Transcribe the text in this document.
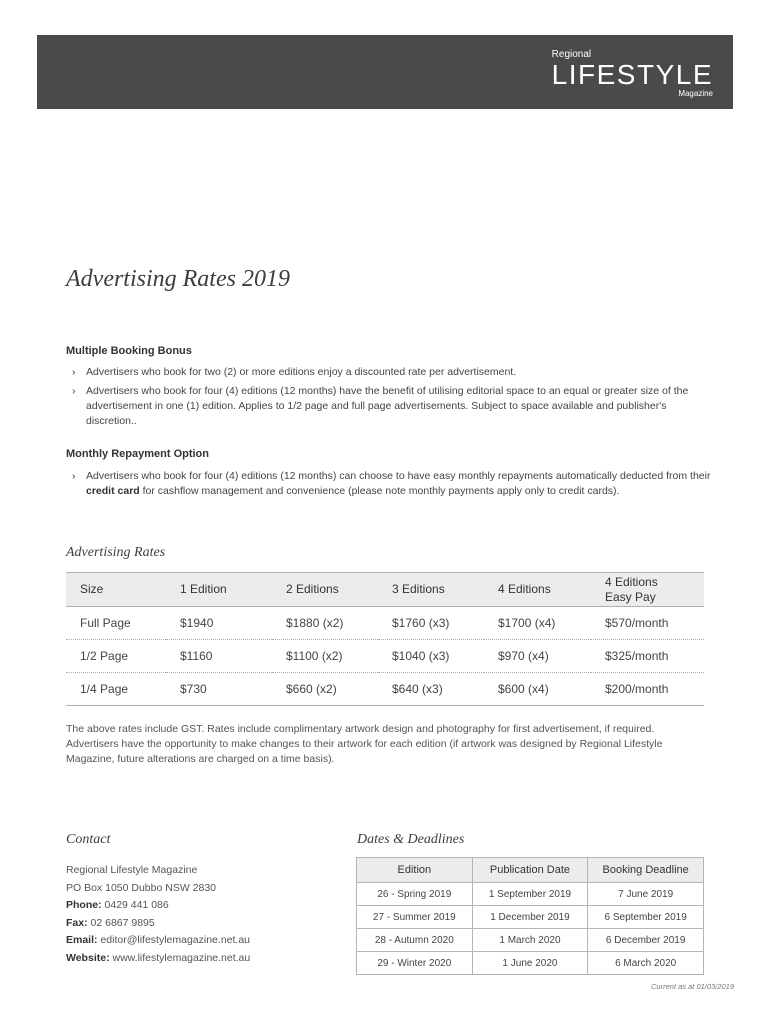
Regional
LIFESTYLE
Magazine
Advertising Rates 2019
Multiple Booking Bonus
› Advertisers who book for two (2) or more editions enjoy a discounted rate per advertisement.
› Advertisers who book for four (4) editions (12 months) have the benefit of utilising editorial space to an equal or greater size of the advertisement in one (1) edition. Applies to 1/2 page and full page advertisements. Subject to space available and publisher's discretion..
Monthly Repayment Option
› Advertisers who book for four (4) editions (12 months) can choose to have easy monthly repayments automatically deducted from their credit card for cashflow management and convenience (please note monthly payments apply only to credit cards).
Advertising Rates
Size	1 Edition	2 Editions	3 Editions	4 Editions	4 Editions
Easy Pay
Full Page	$1940	$1880 (x2)	$1760 (x3)	$1700 (x4)	$570/month
1/2 Page	$1160	$1100 (x2)	$1040 (x3)	$970 (x4)	$325/month
1/4 Page	$730	$660 (x2)	$640 (x3)	$600 (x4)	$200/month
The above rates include GST. Rates include complimentary artwork design and photography for first advertisement, if required. Advertisers have the opportunity to make changes to their artwork for each edition (if artwork was designed by Regional Lifestyle Magazine, future alterations are charged on a time basis).
Contact
Regional Lifestyle Magazine
PO Box 1050 Dubbo NSW 2830
Phone: 0429 441 086
Fax: 02 6867 9895
Email: editor@lifestylemagazine.net.au
Website: www.lifestylemagazine.net.au
Dates & Deadlines
Edition	Publication Date	Booking Deadline
26 - Spring 2019	1 September 2019	7 June 2019
27 - Summer 2019	1 December 2019	6 September 2019
28 - Autumn 2020	1 March 2020	6 December 2019
29 - Winter 2020	1 June 2020	6 March 2020
Current as at 01/03/2019
